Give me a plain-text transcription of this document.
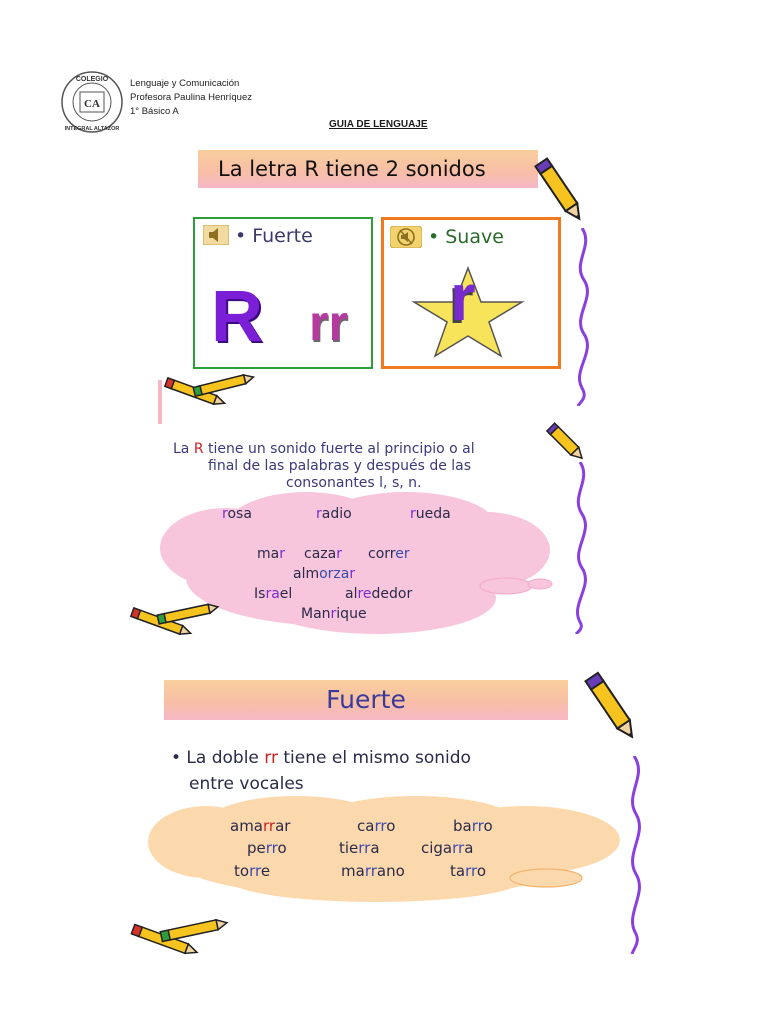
CA
COLEGIO
INTEGRAL ALTAZOR
Lenguaje y Comunicación
Profesora Paulina Henríquez
1° Básico A
GUIA DE LENGUAJE
La letra R tiene 2 sonidos
• Fuerte
R rr
• Suave
r
La R tiene un sonido fuerte al principio o al
final de las palabras y después de las
consonantes l, s, n.
rosa	radio	rueda
mar cazar correr
almorzar
Israel	alrededor
Manrique
Fuerte
• La doble rr tiene el mismo sonido
entre vocales
amarrar	carro	barro
perro	tierra	cigarra
torre	marrano	tarro
